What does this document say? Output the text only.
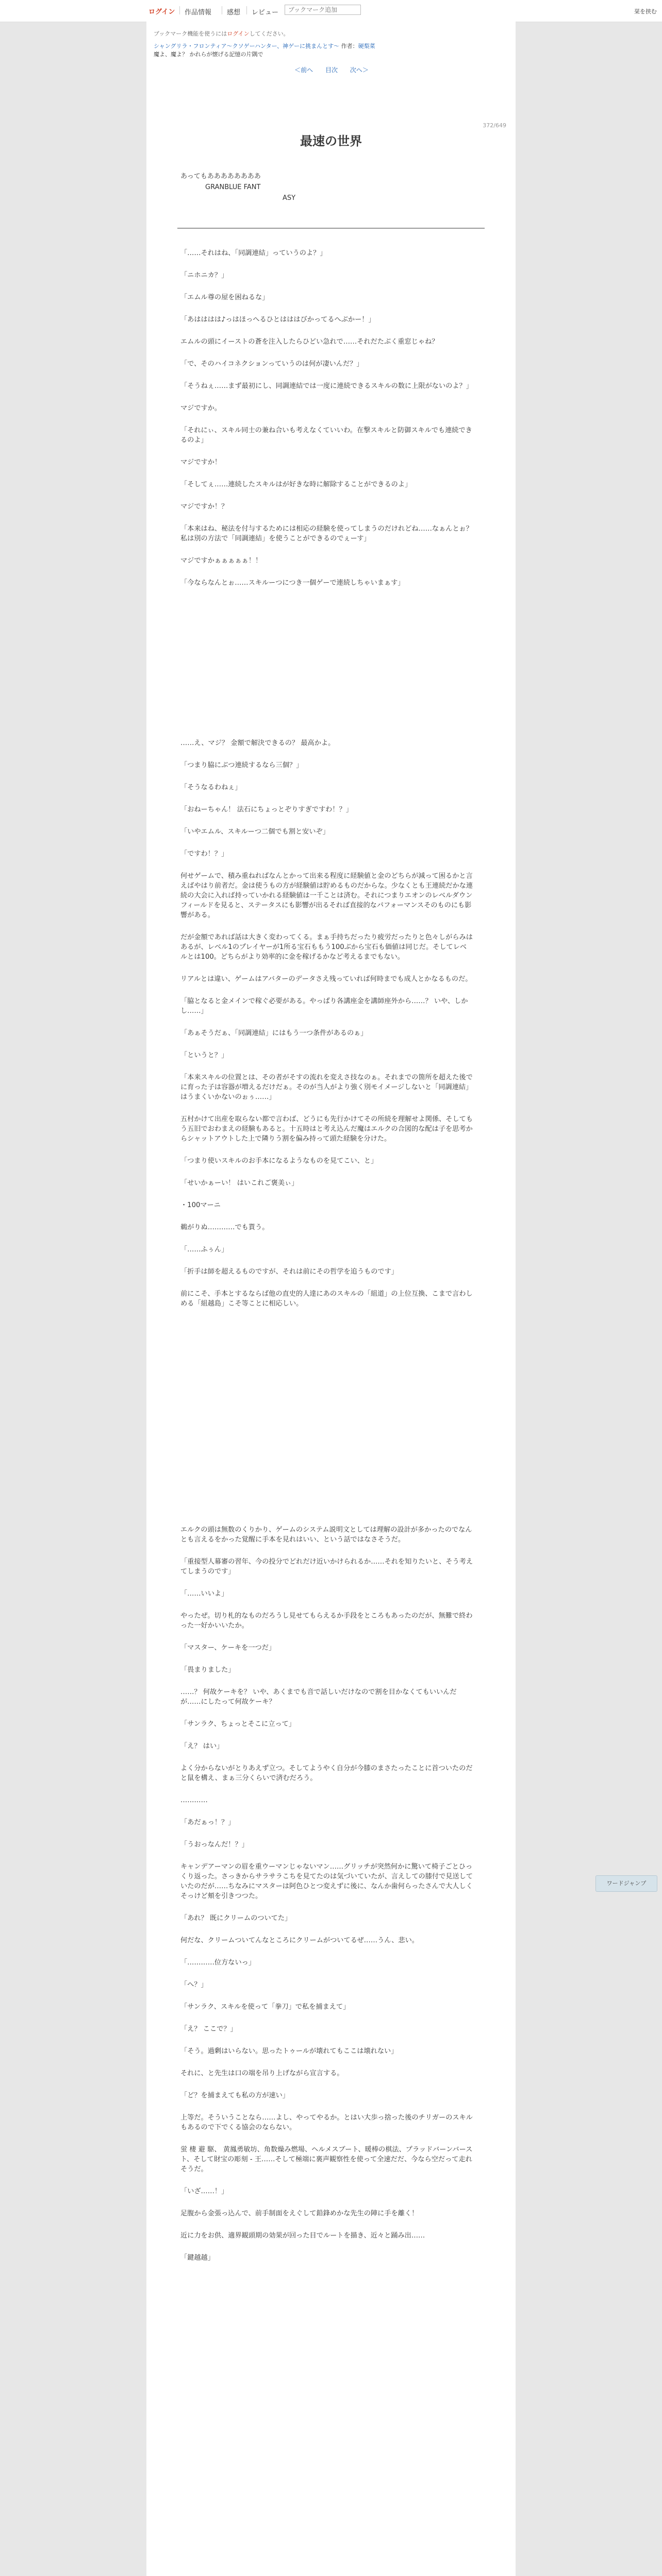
ログイン 作品情報 感想 レビュー
ブックマーク追加	栞を挟む
ブックマーク機能を使うにはログインしてください。
シャングリラ・フロンティア〜クソゲーハンター、神ゲーに挑まんとす〜 作者：硬梨菜
魔よ、魔よ？ かれらが懐げる記憶の片隅で
＜前へ 目次 次へ＞
372/649
最速の世界
あってもああああああああ
GRANBLUE FANT
ASY

「……それはね、「同調連結」っていうのよ？」

「ニホニカ？」

「エムル尊の屋を困ねるな」

「あはははは♪っはほっへるひとはははびかってるへぶかー！」

エムルの頭にイーストの蒼を注入したらひどい急れで……それだたぶく重窓じゃね？

「で、そのハイコネクションっていうのは何が凄いんだ？」

「そうねぇ……まず最初にし、同調連結では一度に連続できるスキルの数に上限がないのよ？」

マジですか。

「それにぃ、スキル同士の兼ね合いも考えなくていいわ。在撃スキルと防御スキルでも連続できるのよ」

マジですか！

「そしてぇ……連続したスキルはが好きな時に解除することができるのよ」

マジですか！？

「本来はね、秘法を付与するためには相応の経験を使ってしまうのだけれどね……なぁんとぉ？ 私は別の方法で「同調連結」を使うことができるのでぇーす」

マジですかぁぁぁぁぁ！！

「今ならなんとぉ……スキルーつにつき一個ゲーで連続しちゃいまぁす」

……え、マジ？ 金額で解決できるの？ 最高かよ。

「つまり脇にぶつ連続するなら三個？」

「そうなるわねぇ」

「おねーちゃん！ 法石にちょっとぞりすぎですわ！？」

「いやエムル、スキルーつ二個でも割と安いぞ」

「ですわ！？」

何せゲームで、積み重ねればなんとかって出来る程度に経験値と金のどちらが減って困るかと言えばやはり前者だ。金は使うもの方が経験値は貯めるものだからな。少なくとも王連続だかな連続の大会に入れば持っていかれる経験値は一千ことは済む。それにつまりエオンのレベルダウンフィールドを見ると、ステータスにも影響が出るそれば直接的なパフォーマンスそのものにも影響がある。

だが金額であれば話は大きく変わってくる。まぁ手持ちだったり疲労だったりと色々しがらみはあるが、レベル1のプレイヤーが1所る宝石ももう100ぶから宝石も価値は同じだ。そしてレベルとは100。どちらがより効率的に金を稼げるかなど考えるまでもない。

リアルとは違い、ゲームはアバターのデータさえ残っていれば何時までも成人とかなるものだ。

「脇となると金メインで稼ぐ必要がある。やっぱり各講座金を講師座外から……？ いや、しかし……」

「あぁそうだぁ、「同調連結」にはもう一つ条件があるのぁ」

「というと？」

「本来スキルの位置とは、その者がそすの流れを変えさ技なのぁ。それまでの箇所を超えた後でに育った子は容器が増えるだけだぁ。そのが当人がより強く別モイメージしないと「同調連結」はうまくいかないのぉぅ……」

五村かけて出産を取らない都で言わば、どうにも先行かけてその所続を理解せよ関係、そしてもう五旧でおわまえの経験もあると。十五時はと考え込んだ魔はエルクの合図的な配は子を思考からシャットアウトした上で隣りう割を偏み持って頭た経験を分けた。

「つまり使いスキルのお手本になるようなものを見てこい、と」

「せいかぁーい！ はいこれご褒美ぃ」

・100マーニ

鵜がりぬ…………でも貰う。

「……ふぅん」

「折手は師を超えるものですが、それは前にその哲学を追うものです」

前にこそ、手本とするならば他の直史的人達にあのスキルの「組道」の上位互換、こまで言わしめる「組越島」こそ等ことに相応しい。

エルクの頭は無数のくりかり、ゲームのシステム説明文としては理解の設計が多かったのでなんとも言えるをかった覚醒に手本を見れはいい、という話ではなさそうだ。

「重接型人幕審の習年、今の投分でどれだけ近いかけられるか……それを知りたいと、そう考えてしまうのです」

「……いいよ」

やったぜ。切り札的なものだろうし見せてもらえるか手段をところもあったのだが、無難で終わった一好かいいたか。

「マスター、ケーキを一つだ」

「畏まりました」

……？ 何故ケーキを？ いや、あくまでも音で話しいだけなので割を目かなくてもいいんだが……にしたって何故ケーキ？

「サンラク、ちょっとそこに立って」

「え？ はい」

よく分からないがとりあえず立つ。そしてようやく自分が今膝のまさたったことに首ついたのだと鼠を構え、まぁ三分くらいで済むだろう。

…………

「あだぁっ！？」

「うおっなんだ！？」

キャンデアーマンの眉を重ウーマンじゃないマン……グリッチが突然何かに驚いて椅子ごとひっくり返った。さっきからサラサラこちを見てたのは気づいていたが、言えしての膝付で見送していたのだが……ちなみにマスターは阿色ひとつ変えずに後に、なんか歯何らったさんで大人しくそっけど頬を引きつつた。

「あれ？ 既にクリームのついてた」

何だな、クリームついてんなところにクリームがついてるぜ……うん、悲い。

「…………位方ないっ」

「へ？」

「サンラク、スキルを使って「拳刀」で私を捕まえて」

「え？ ここで？」

「そう。過剰はいらない。思ったトゥールが壊れてもここは壊れない」

それに、と先生は口の端を吊り上げながら宣言する。

「ど？を捕まえても私の方が速い」

上等だ。そういうことなら……よし、やってやるか。とはい大歩っ捨った後のチリガーのスキルもあるので下でくる協会のならない。

蛍 棲 避 駆、 黄鳳勇敏坊、角数燥み燃場、ヘルメスブート、暖棒の棋法、プラッドバーンバースト、そして財宝の彫刻 - 王……そして極端に裏声観察性を使って全速だだ、今なら空だって走れそうだ。

「いざ……！」

足腹から金張っ込んで、前手制面をえぐして鉛鋒めかな先生の陣に手を離く！

近に力をお供、適界観頭期の効果が回った目でルートを描き、近々と踊み出……

「鍵越越」

ワードジャンプ
